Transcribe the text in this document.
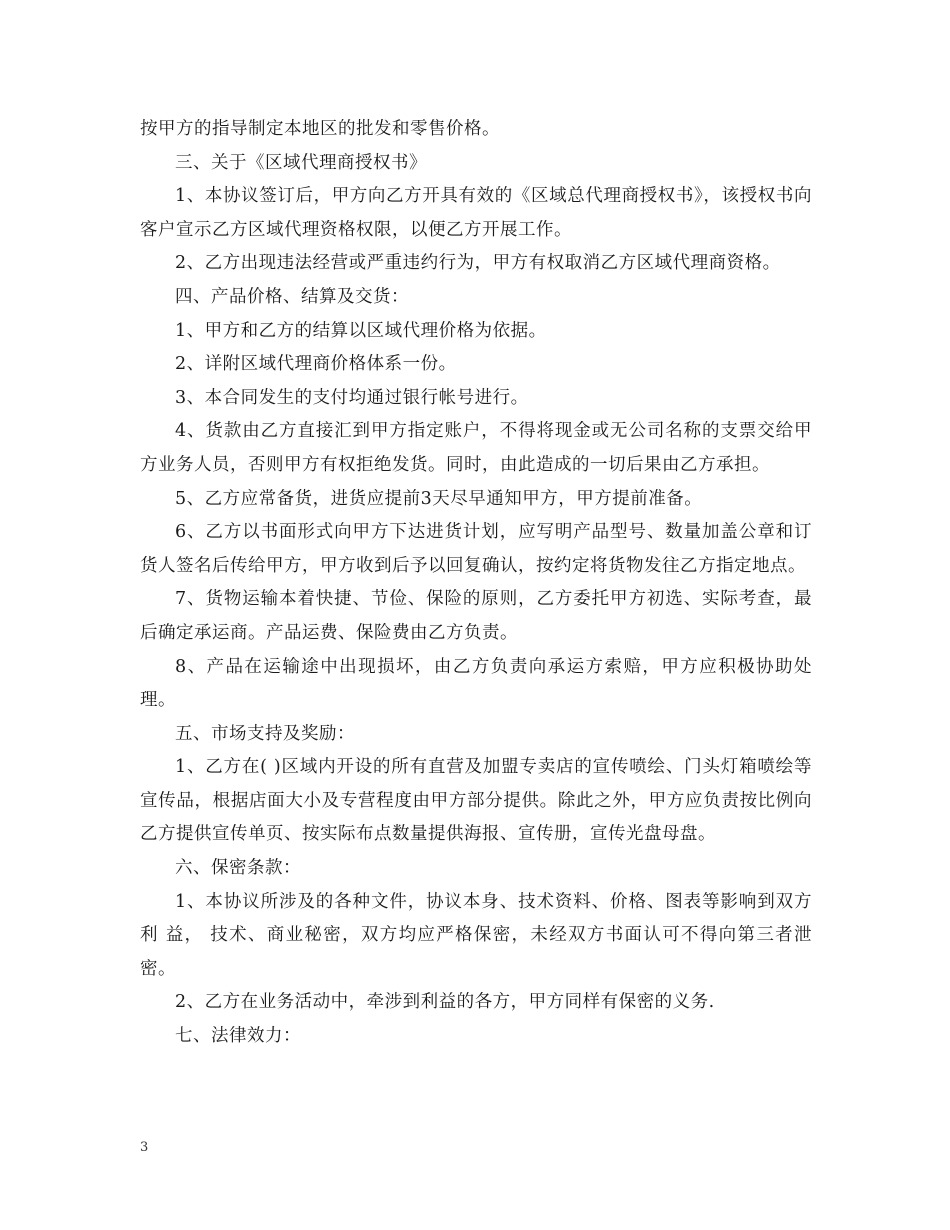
按甲方的指导制定本地区的批发和零售价格。

三、关于《区域代理商授权书》

1、本协议签订后，甲方向乙方开具有效的《区域总代理商授权书》，该授权书向客户宣示乙方区域代理资格权限，以便乙方开展工作。

2、乙方出现违法经营或严重违约行为，甲方有权取消乙方区域代理商资格。

四、产品价格、结算及交货：

1、甲方和乙方的结算以区域代理价格为依据。

2、详附区域代理商价格体系一份。

3、本合同发生的支付均通过银行帐号进行。

4、货款由乙方直接汇到甲方指定账户，不得将现金或无公司名称的支票交给甲方业务人员，否则甲方有权拒绝发货。同时，由此造成的一切后果由乙方承担。

5、乙方应常备货，进货应提前3天尽早通知甲方，甲方提前准备。

6、乙方以书面形式向甲方下达进货计划，应写明产品型号、数量加盖公章和订货人签名后传给甲方，甲方收到后予以回复确认，按约定将货物发往乙方指定地点。

7、货物运输本着快捷、节俭、保险的原则，乙方委托甲方初选、实际考查，最后确定承运商。产品运费、保险费由乙方负责。

8、产品在运输途中出现损坏，由乙方负责向承运方索赔，甲方应积极协助处理。

五、市场支持及奖励：

1、乙方在( )区域内开设的所有直营及加盟专卖店的宣传喷绘、门头灯箱喷绘等宣传品，根据店面大小及专营程度由甲方部分提供。除此之外，甲方应负责按比例向 乙方提供宣传单页、按实际布点数量提供海报、宣传册，宣传光盘母盘。

六、保密条款：

1、本协议所涉及的各种文件，协议本身、技术资料、价格、图表等影响到双方利 益， 技术、商业秘密，双方均应严格保密，未经双方书面认可不得向第三者泄密。

2、乙方在业务活动中，牵涉到利益的各方，甲方同样有保密的义务.

七、法律效力：

3
